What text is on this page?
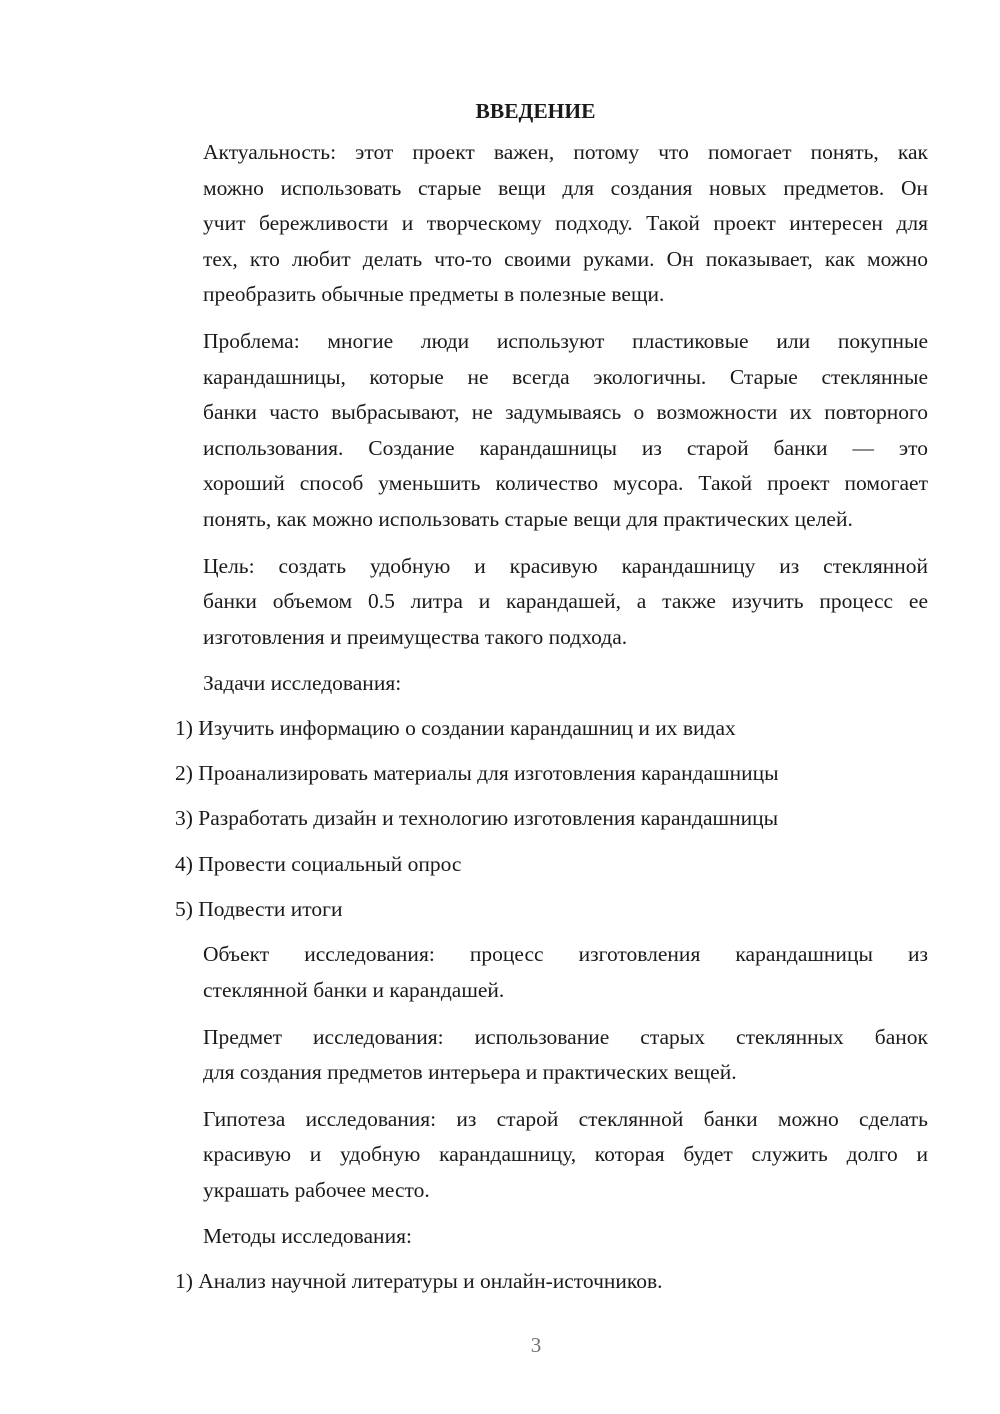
ВВЕДЕНИЕ

Актуальность: этот проект важен, потому что помогает понять, как
можно использовать старые вещи для создания новых предметов. Он
учит бережливости и творческому подходу. Такой проект интересен для
тех, кто любит делать что-то своими руками. Он показывает, как можно
преобразить обычные предметы в полезные вещи.

Проблема: многие люди используют пластиковые или покупные
карандашницы, которые не всегда экологичны. Старые стеклянные
банки часто выбрасывают, не задумываясь о возможности их повторного
использования. Создание карандашницы из старой банки — это
хороший способ уменьшить количество мусора. Такой проект помогает
понять, как можно использовать старые вещи для практических целей.

Цель: создать удобную и красивую карандашницу из стеклянной
банки объемом 0.5 литра и карандашей, а также изучить процесс ее
изготовления и преимущества такого подхода.

Задачи исследования:

1) Изучить информацию о создании карандашниц и их видах
2) Проанализировать материалы для изготовления карандашницы
3) Разработать дизайн и технологию изготовления карандашницы
4) Провести социальный опрос
5) Подвести итоги

Объект исследования: процесс изготовления карандашницы из
стеклянной банки и карандашей.

Предмет исследования: использование старых стеклянных банок
для создания предметов интерьера и практических вещей.

Гипотеза исследования: из старой стеклянной банки можно сделать
красивую и удобную карандашницу, которая будет служить долго и
украшать рабочее место.

Методы исследования:

1) Анализ научной литературы и онлайн-источников.
3
